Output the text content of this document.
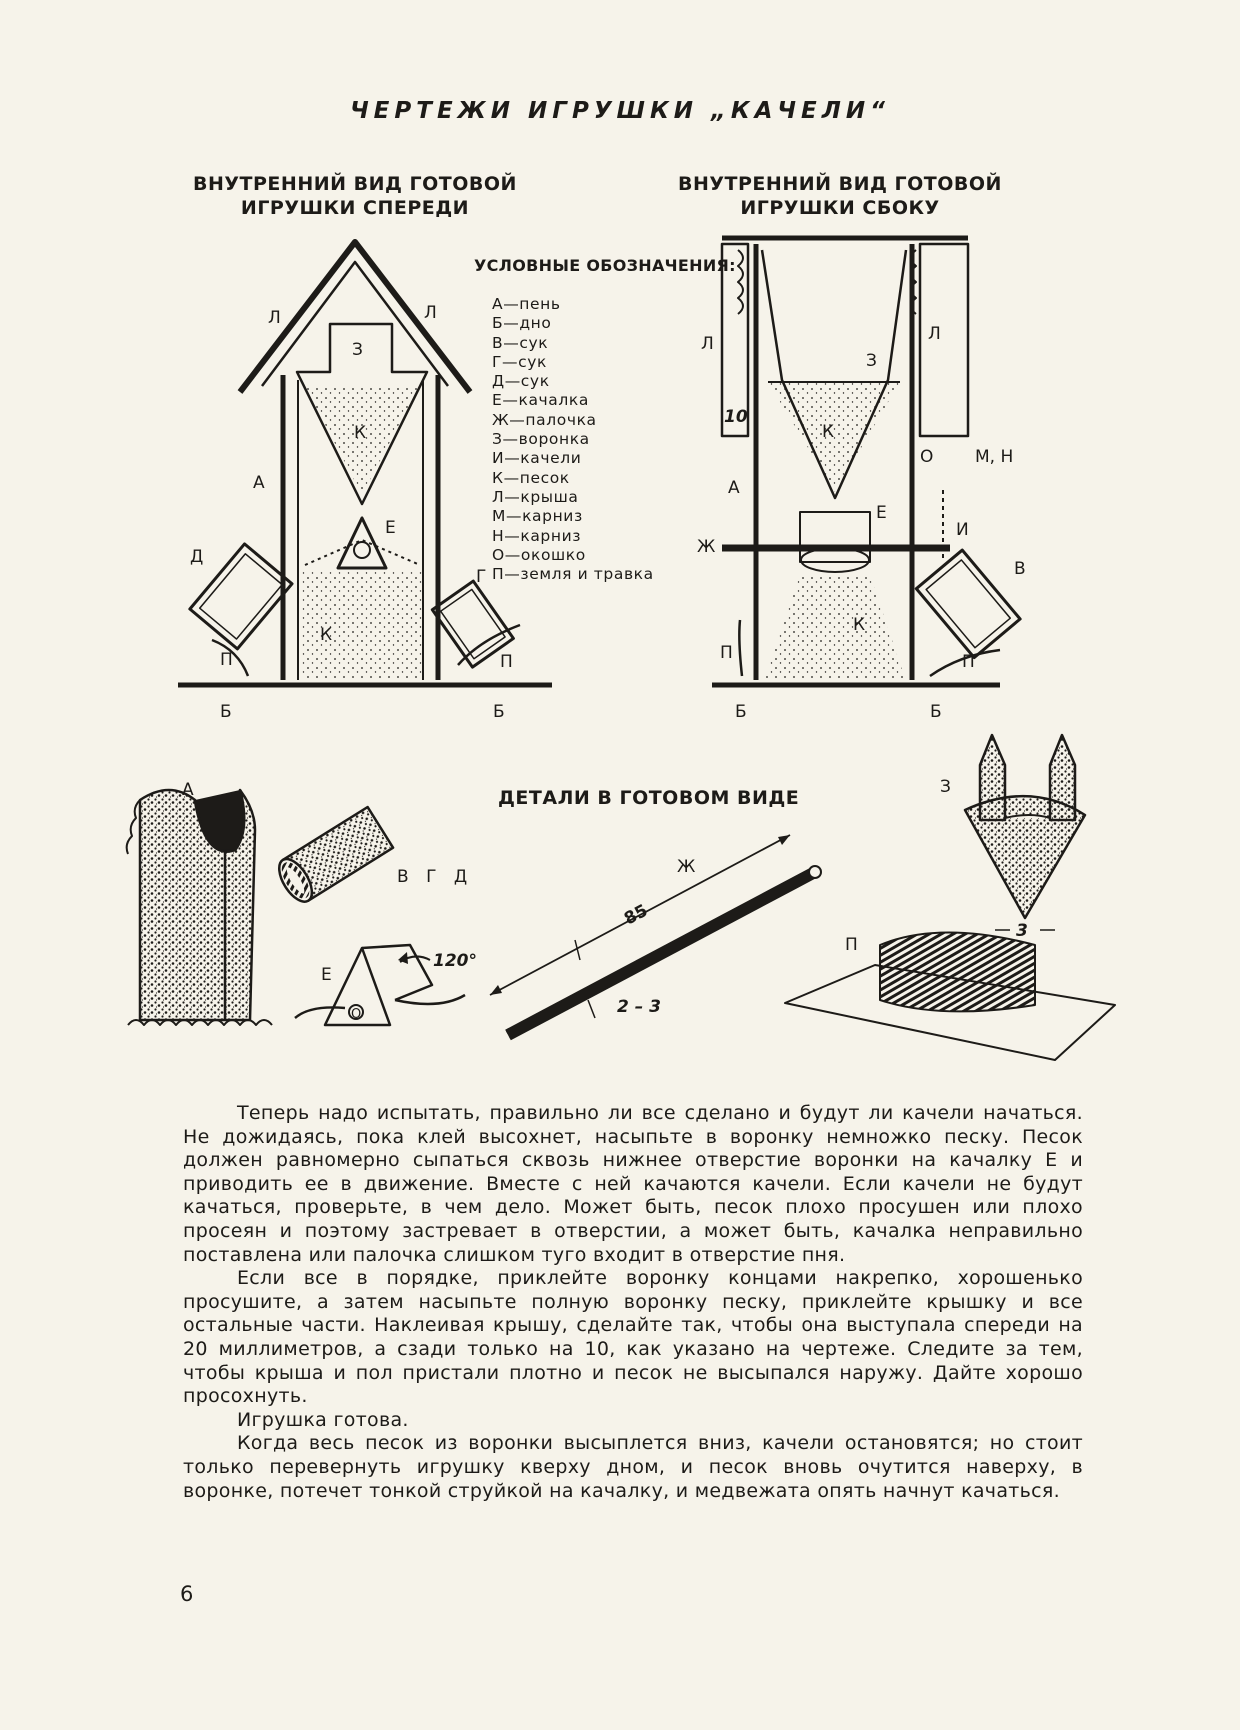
ЧЕРТЕЖИ ИГРУШКИ „КАЧЕЛИ“
ВНУТРЕННИЙ ВИД ГОТОВОЙ
ИГРУШКИ СПЕРЕДИ
ВНУТРЕННИЙ ВИД ГОТОВОЙ
ИГРУШКИ СБОКУ
УСЛОВНЫЕ ОБОЗНАЧЕНИЯ:
А—пень
Б—дно
В—сук
Г—сук
Д—сук
Е—качалка
Ж—палочка
З—воронка
И—качели
К—песок
Л—крыша
М—карниз
Н—карниз
О—окошко
П—земля и травка
Л	Л
З
К
А
Е
Д
К
П	П
Б	Б
Г
Л	Л
З
К
10
О М, Н
А
Е
Ж
И
В
К
П	П
Б	Б
А
В Г Д
Е
О
120°
Ж
85
2 – 3
З
3
П
ДЕТАЛИ В ГОТОВОМ ВИДЕ

Теперь надо испытать, правильно ли все сделано и будут ли качели начаться. Не дожидаясь, пока клей высохнет, насыпьте в воронку немножко песку. Песок должен равномерно сыпаться сквозь нижнее отверстие воронки на качалку Е и приводить ее в движение. Вместе с ней качаются качели. Если качели не будут качаться, проверьте, в чем дело. Может быть, песок плохо просушен или плохо просеян и поэтому застревает в отверстии, а может быть, качалка неправильно поставлена или палочка слишком туго входит в отверстие пня.

Если все в порядке, приклейте воронку концами накрепко, хорошенько просушите, а затем насыпьте полную воронку песку, приклейте крышку и все остальные части. Наклеивая крышу, сделайте так, чтобы она выступала спереди на 20 миллиметров, а сзади только на 10, как указано на чертеже. Следите за тем, чтобы крыша и пол пристали плотно и песок не высыпался наружу. Дайте хорошо просохнуть.

Игрушка готова.

Когда весь песок из воронки высыплется вниз, качели остановятся; но стоит только перевернуть игрушку кверху дном, и песок вновь очутится наверху, в воронке, потечет тонкой струйкой на качалку, и медвежата опять начнут качаться.

6
